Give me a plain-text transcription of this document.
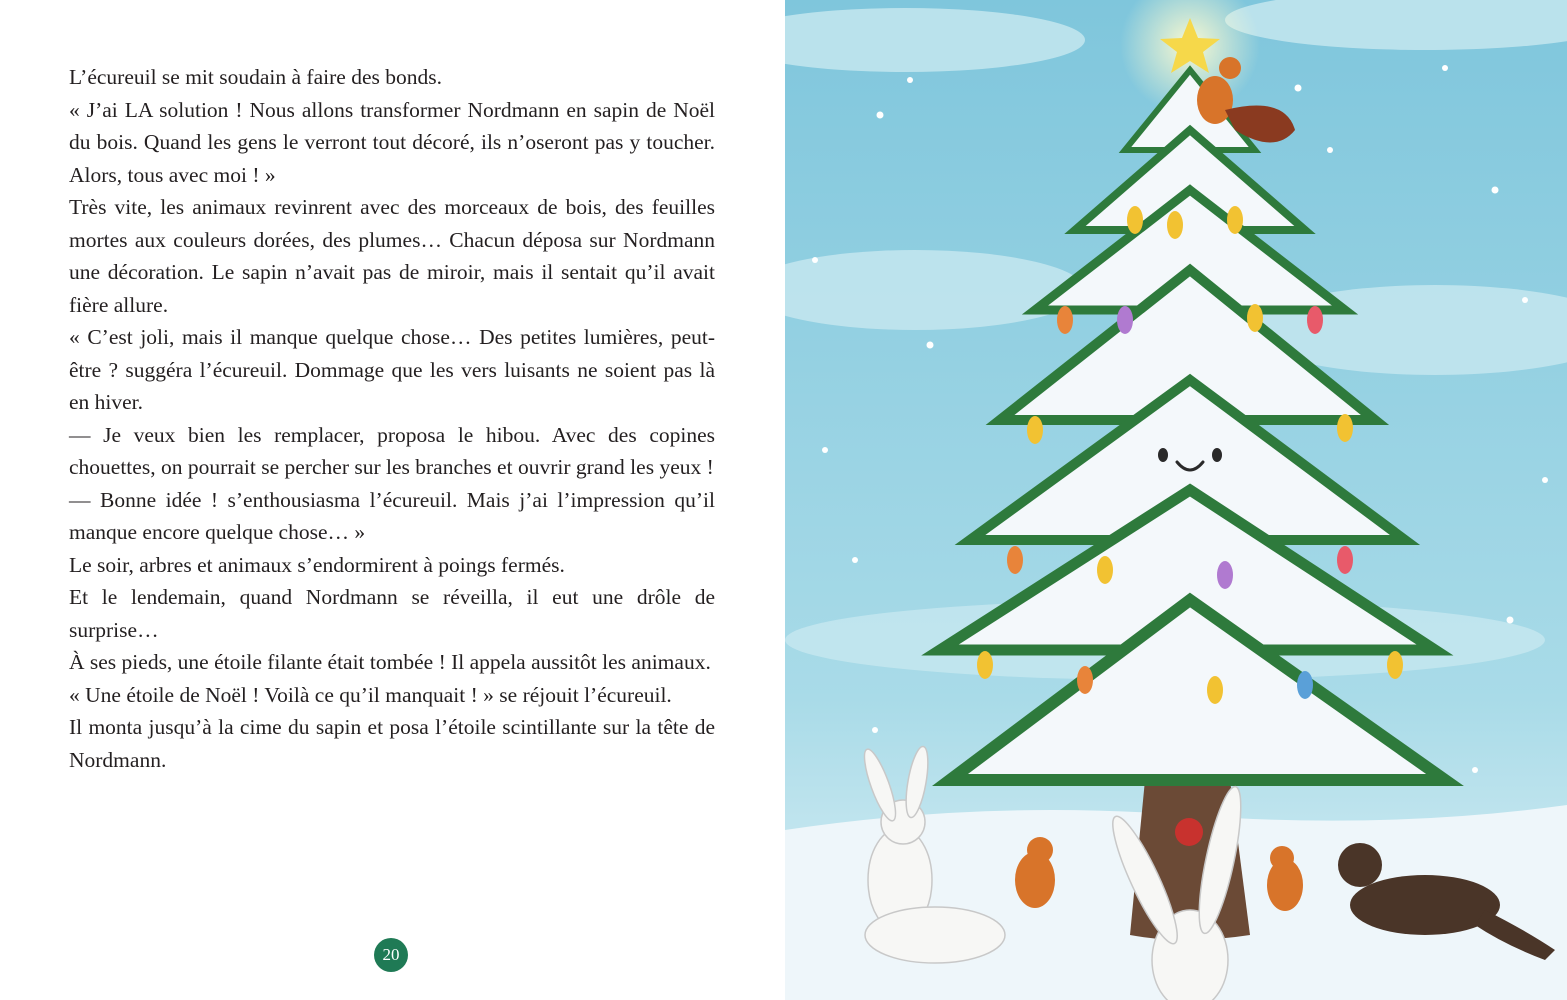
L’écureuil se mit soudain à faire des bonds.

« J’ai LA solution ! Nous allons transformer Nordmann en sapin de Noël du bois. Quand les gens le verront tout décoré, ils n’oseront pas y toucher. Alors, tous avec moi ! »

Très vite, les animaux revinrent avec des morceaux de bois, des feuilles mortes aux couleurs dorées, des plumes… Chacun déposa sur Nordmann une décoration. Le sapin n’avait pas de miroir, mais il sentait qu’il avait fière allure.

« C’est joli, mais il manque quelque chose… Des petites lumières, peut-être ? suggéra l’écureuil. Dommage que les vers luisants ne soient pas là en hiver.

— Je veux bien les remplacer, proposa le hibou. Avec des copines chouettes, on pourrait se percher sur les branches et ouvrir grand les yeux !

— Bonne idée ! s’enthousiasma l’écureuil. Mais j’ai l’impression qu’il manque encore quelque chose… »

Le soir, arbres et animaux s’endormirent à poings fermés.

Et le lendemain, quand Nordmann se réveilla, il eut une drôle de surprise…

À ses pieds, une étoile filante était tombée ! Il appela aussitôt les animaux.

« Une étoile de Noël ! Voilà ce qu’il manquait ! » se réjouit l’écureuil.

Il monta jusqu’à la cime du sapin et posa l’étoile scintillante sur la tête de Nordmann.

20
